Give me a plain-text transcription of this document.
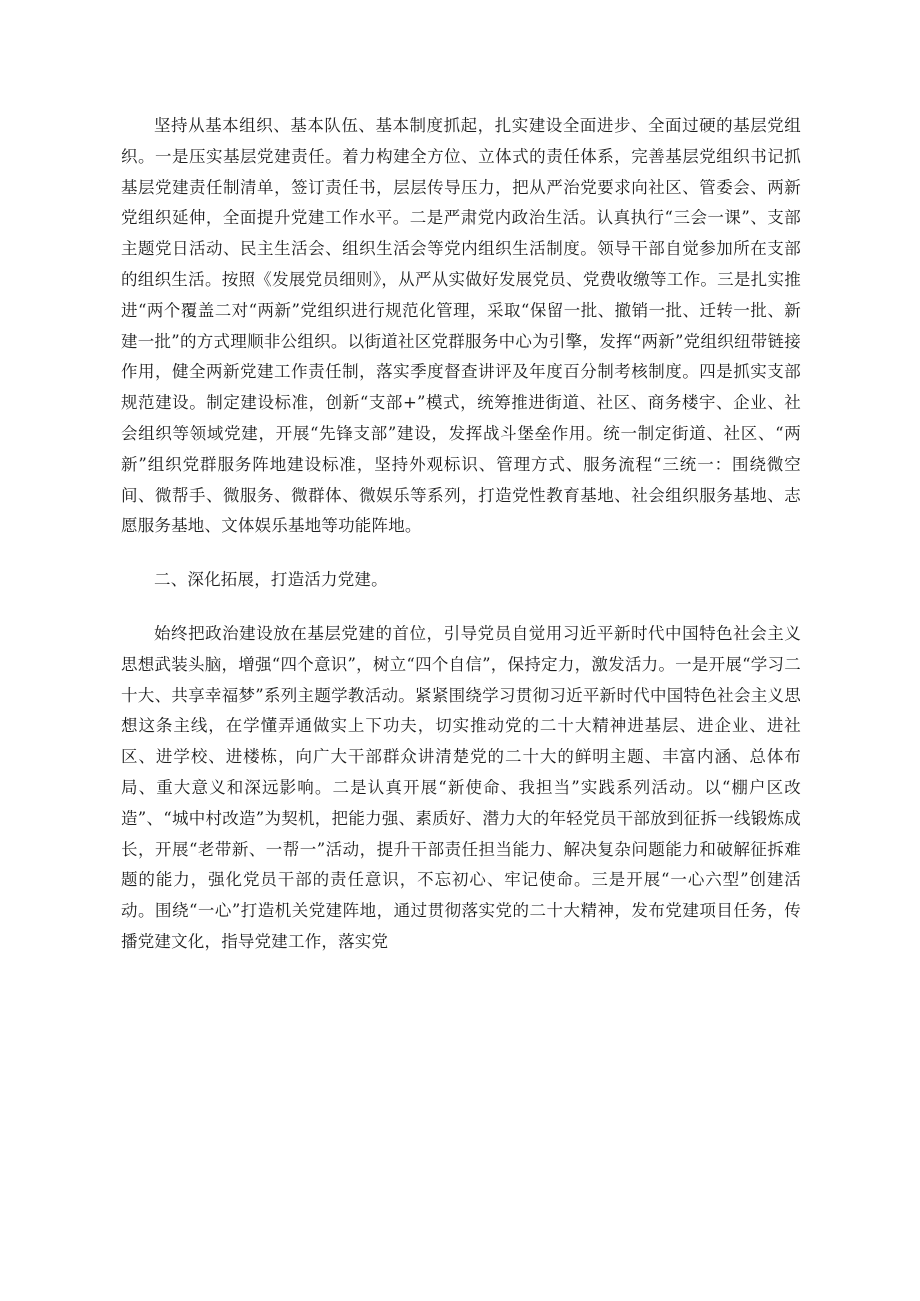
坚持从基本组织、基本队伍、基本制度抓起，扎实建设全面进步、全面过硬的基层党组织。一是压实基层党建责任。着力构建全方位、立体式的责任体系，完善基层党组织书记抓基层党建责任制清单，签订责任书，层层传导压力，把从严治党要求向社区、管委会、两新党组织延伸，全面提升党建工作水平。二是严肃党内政治生活。认真执行“三会一课”、支部主题党日活动、民主生活会、组织生活会等党内组织生活制度。领导干部自觉参加所在支部的组织生活。按照《发展党员细则》，从严从实做好发展党员、党费收缴等工作。三是扎实推进“两个覆盖二对“两新”党组织进行规范化管理，采取“保留一批、撤销一批、迁转一批、新建一批”的方式理顺非公组织。以街道社区党群服务中心为引擎，发挥“两新”党组织纽带链接作用，健全两新党建工作责任制，落实季度督查讲评及年度百分制考核制度。四是抓实支部规范建设。制定建设标准，创新“支部+”模式，统筹推进街道、社区、商务楼宇、企业、社会组织等领域党建，开展“先锋支部”建设，发挥战斗堡垒作用。统一制定街道、社区、“两新”组织党群服务阵地建设标准，坚持外观标识、管理方式、服务流程“三统一：围绕微空间、微帮手、微服务、微群体、微娱乐等系列，打造党性教育基地、社会组织服务基地、志愿服务基地、文体娱乐基地等功能阵地。

二、深化拓展，打造活力党建。

始终把政治建设放在基层党建的首位，引导党员自觉用习近平新时代中国特色社会主义思想武装头脑，增强“四个意识”，树立“四个自信”，保持定力，激发活力。一是开展“学习二十大、共享幸福梦”系列主题学教活动。紧紧围绕学习贯彻习近平新时代中国特色社会主义思想这条主线，在学懂弄通做实上下功夫，切实推动党的二十大精神进基层、进企业、进社区、进学校、进楼栋，向广大干部群众讲清楚党的二十大的鲜明主题、丰富内涵、总体布局、重大意义和深远影响。二是认真开展“新使命、我担当”实践系列活动。以“棚户区改造”、“城中村改造”为契机，把能力强、素质好、潜力大的年轻党员干部放到征拆一线锻炼成长，开展“老带新、一帮一”活动，提升干部责任担当能力、解决复杂问题能力和破解征拆难题的能力，强化党员干部的责任意识，不忘初心、牢记使命。三是开展“一心六型”创建活动。围绕“一心”打造机关党建阵地，通过贯彻落实党的二十大精神，发布党建项目任务，传播党建文化，指导党建工作，落实党
